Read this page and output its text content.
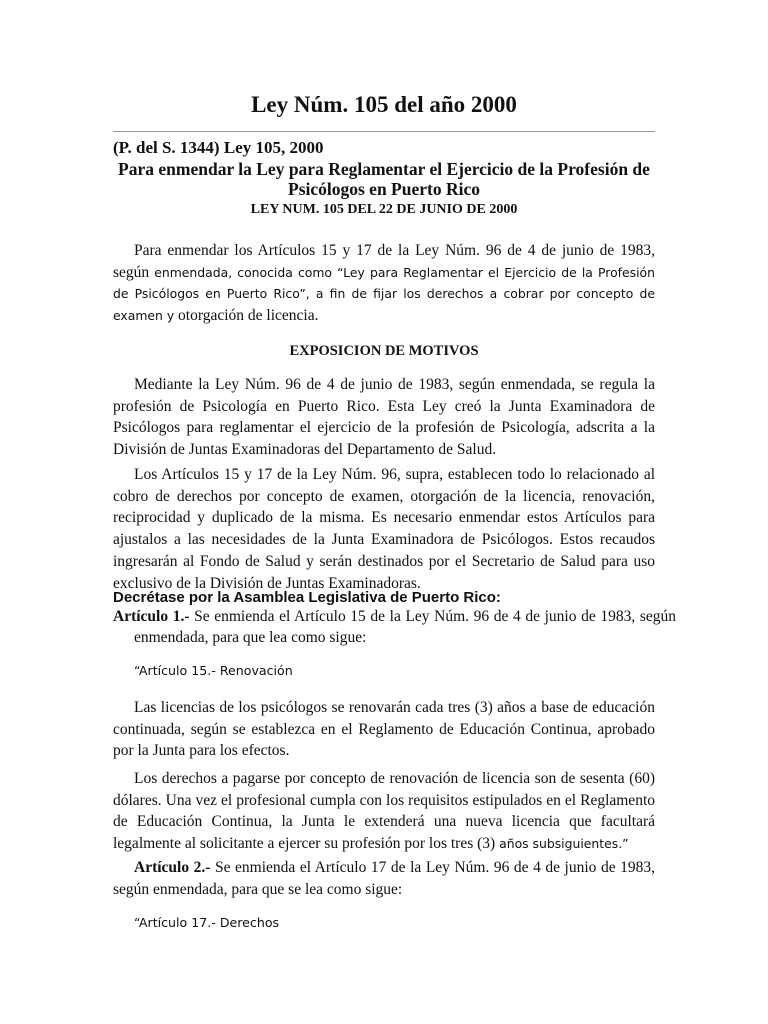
Ley Núm. 105 del año 2000
(P. del S. 1344) Ley 105, 2000
Para enmendar la Ley para Reglamentar el Ejercicio de la Profesión de
Psicólogos en Puerto Rico
LEY NUM. 105 DEL 22 DE JUNIO DE 2000

Para enmendar los Artículos 15 y 17 de la Ley Núm. 96 de 4 de junio de 1983, según enmendada, conocida como “Ley para Reglamentar el Ejercicio de la Profesión de Psicólogos en Puerto Rico”, a fin de fijar los derechos a cobrar por concepto de examen y otorgación de licencia.

EXPOSICION DE MOTIVOS

Mediante la Ley Núm. 96 de 4 de junio de 1983, según enmendada, se regula la profesión de Psicología en Puerto Rico. Esta Ley creó la Junta Examinadora de Psicólogos para reglamentar el ejercicio de la profesión de Psicología, adscrita a la División de Juntas Examinadoras del Departamento de Salud.

Los Artículos 15 y 17 de la Ley Núm. 96, supra, establecen todo lo relacionado al cobro de derechos por concepto de examen, otorgación de la licencia, renovación, reciprocidad y duplicado de la misma. Es necesario enmendar estos Artículos para ajustalos a las necesidades de la Junta Examinadora de Psicólogos. Estos recaudos ingresarán al Fondo de Salud y serán destinados por el Secretario de Salud para uso exclusivo de la División de Juntas Examinadoras.

Decrétase por la Asamblea Legislativa de Puerto Rico:

Artículo 1.- Se enmienda el Artículo 15 de la Ley Núm. 96 de 4 de junio de 1983, según enmendada, para que lea como sigue:

“Artículo 15.- Renovación

Las licencias de los psicólogos se renovarán cada tres (3) años a base de educación continuada, según se establezca en el Reglamento de Educación Continua, aprobado por la Junta para los efectos.

Los derechos a pagarse por concepto de renovación de licencia son de sesenta (60) dólares. Una vez el profesional cumpla con los requisitos estipulados en el Reglamento de Educación Continua, la Junta le extenderá una nueva licencia que facultará legalmente al solicitante a ejercer su profesión por los tres (3) años subsiguientes.”

Artículo 2.- Se enmienda el Artículo 17 de la Ley Núm. 96 de 4 de junio de 1983, según enmendada, para que se lea como sigue:

“Artículo 17.- Derechos
